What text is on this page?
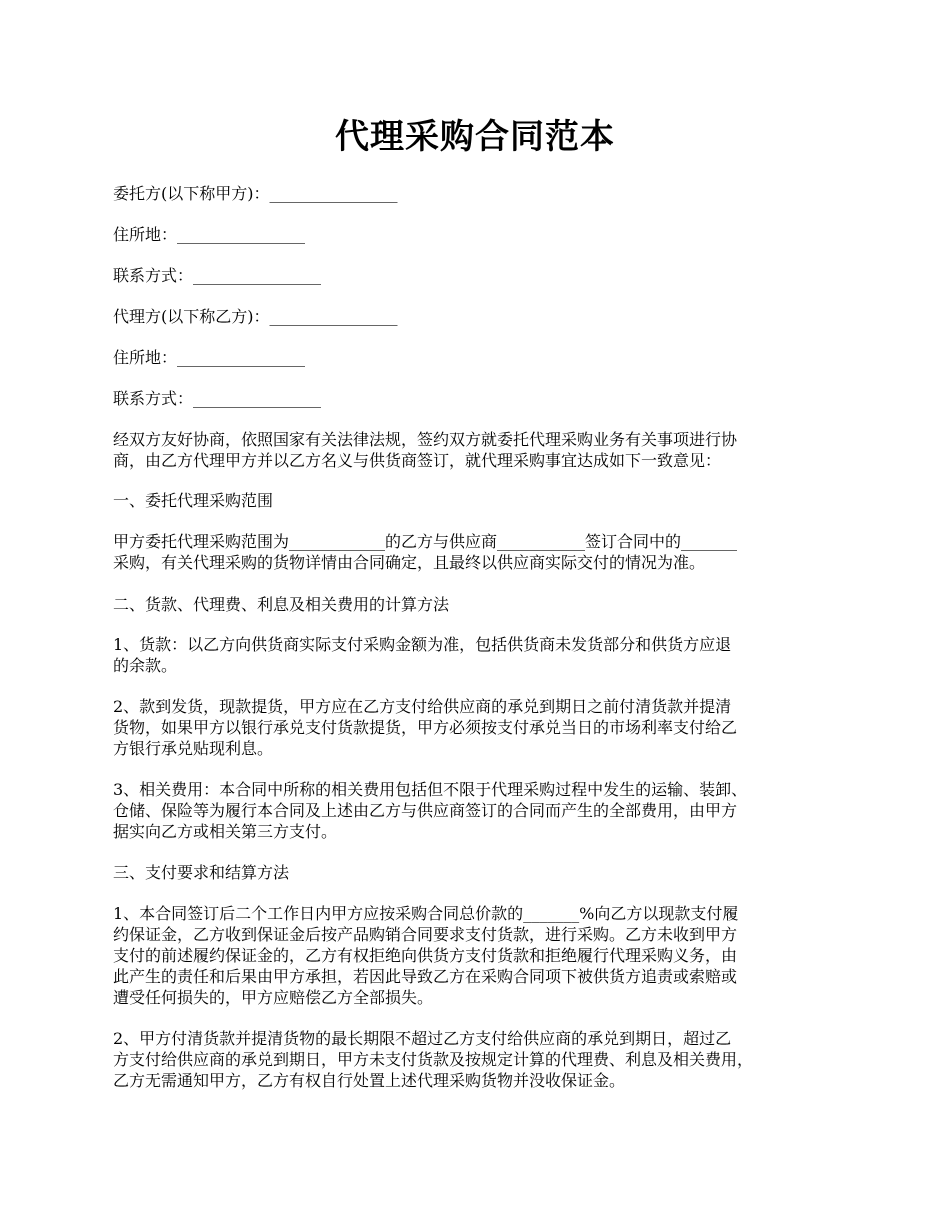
代理采购合同范本
委托方(以下称甲方)：________________
住所地：________________
联系方式：________________
代理方(以下称乙方)：________________
住所地：________________
联系方式：________________
经双方友好协商，依照国家有关法律法规，签约双方就委托代理采购业务有关事项进行协
商，由乙方代理甲方并以乙方名义与供货商签订，就代理采购事宜达成如下一致意见：
一、委托代理采购范围
甲方委托代理采购范围为____________的乙方与供应商___________签订合同中的_______
采购，有关代理采购的货物详情由合同确定，且最终以供应商实际交付的情况为准。
二、货款、代理费、利息及相关费用的计算方法
1、货款：以乙方向供货商实际支付采购金额为准，包括供货商未发货部分和供货方应退
的余款。
2、款到发货，现款提货，甲方应在乙方支付给供应商的承兑到期日之前付清货款并提清
货物，如果甲方以银行承兑支付货款提货，甲方必须按支付承兑当日的市场利率支付给乙
方银行承兑贴现利息。
3、相关费用：本合同中所称的相关费用包括但不限于代理采购过程中发生的运输、装卸、
仓储、保险等为履行本合同及上述由乙方与供应商签订的合同而产生的全部费用，由甲方
据实向乙方或相关第三方支付。
三、支付要求和结算方法
1、本合同签订后二个工作日内甲方应按采购合同总价款的_______%向乙方以现款支付履
约保证金，乙方收到保证金后按产品购销合同要求支付货款，进行采购。乙方未收到甲方
支付的前述履约保证金的，乙方有权拒绝向供货方支付货款和拒绝履行代理采购义务，由
此产生的责任和后果由甲方承担，若因此导致乙方在采购合同项下被供货方追责或索赔或
遭受任何损失的，甲方应赔偿乙方全部损失。
2、甲方付清货款并提清货物的最长期限不超过乙方支付给供应商的承兑到期日，超过乙
方支付给供应商的承兑到期日，甲方未支付货款及按规定计算的代理费、利息及相关费用，
乙方无需通知甲方，乙方有权自行处置上述代理采购货物并没收保证金。
